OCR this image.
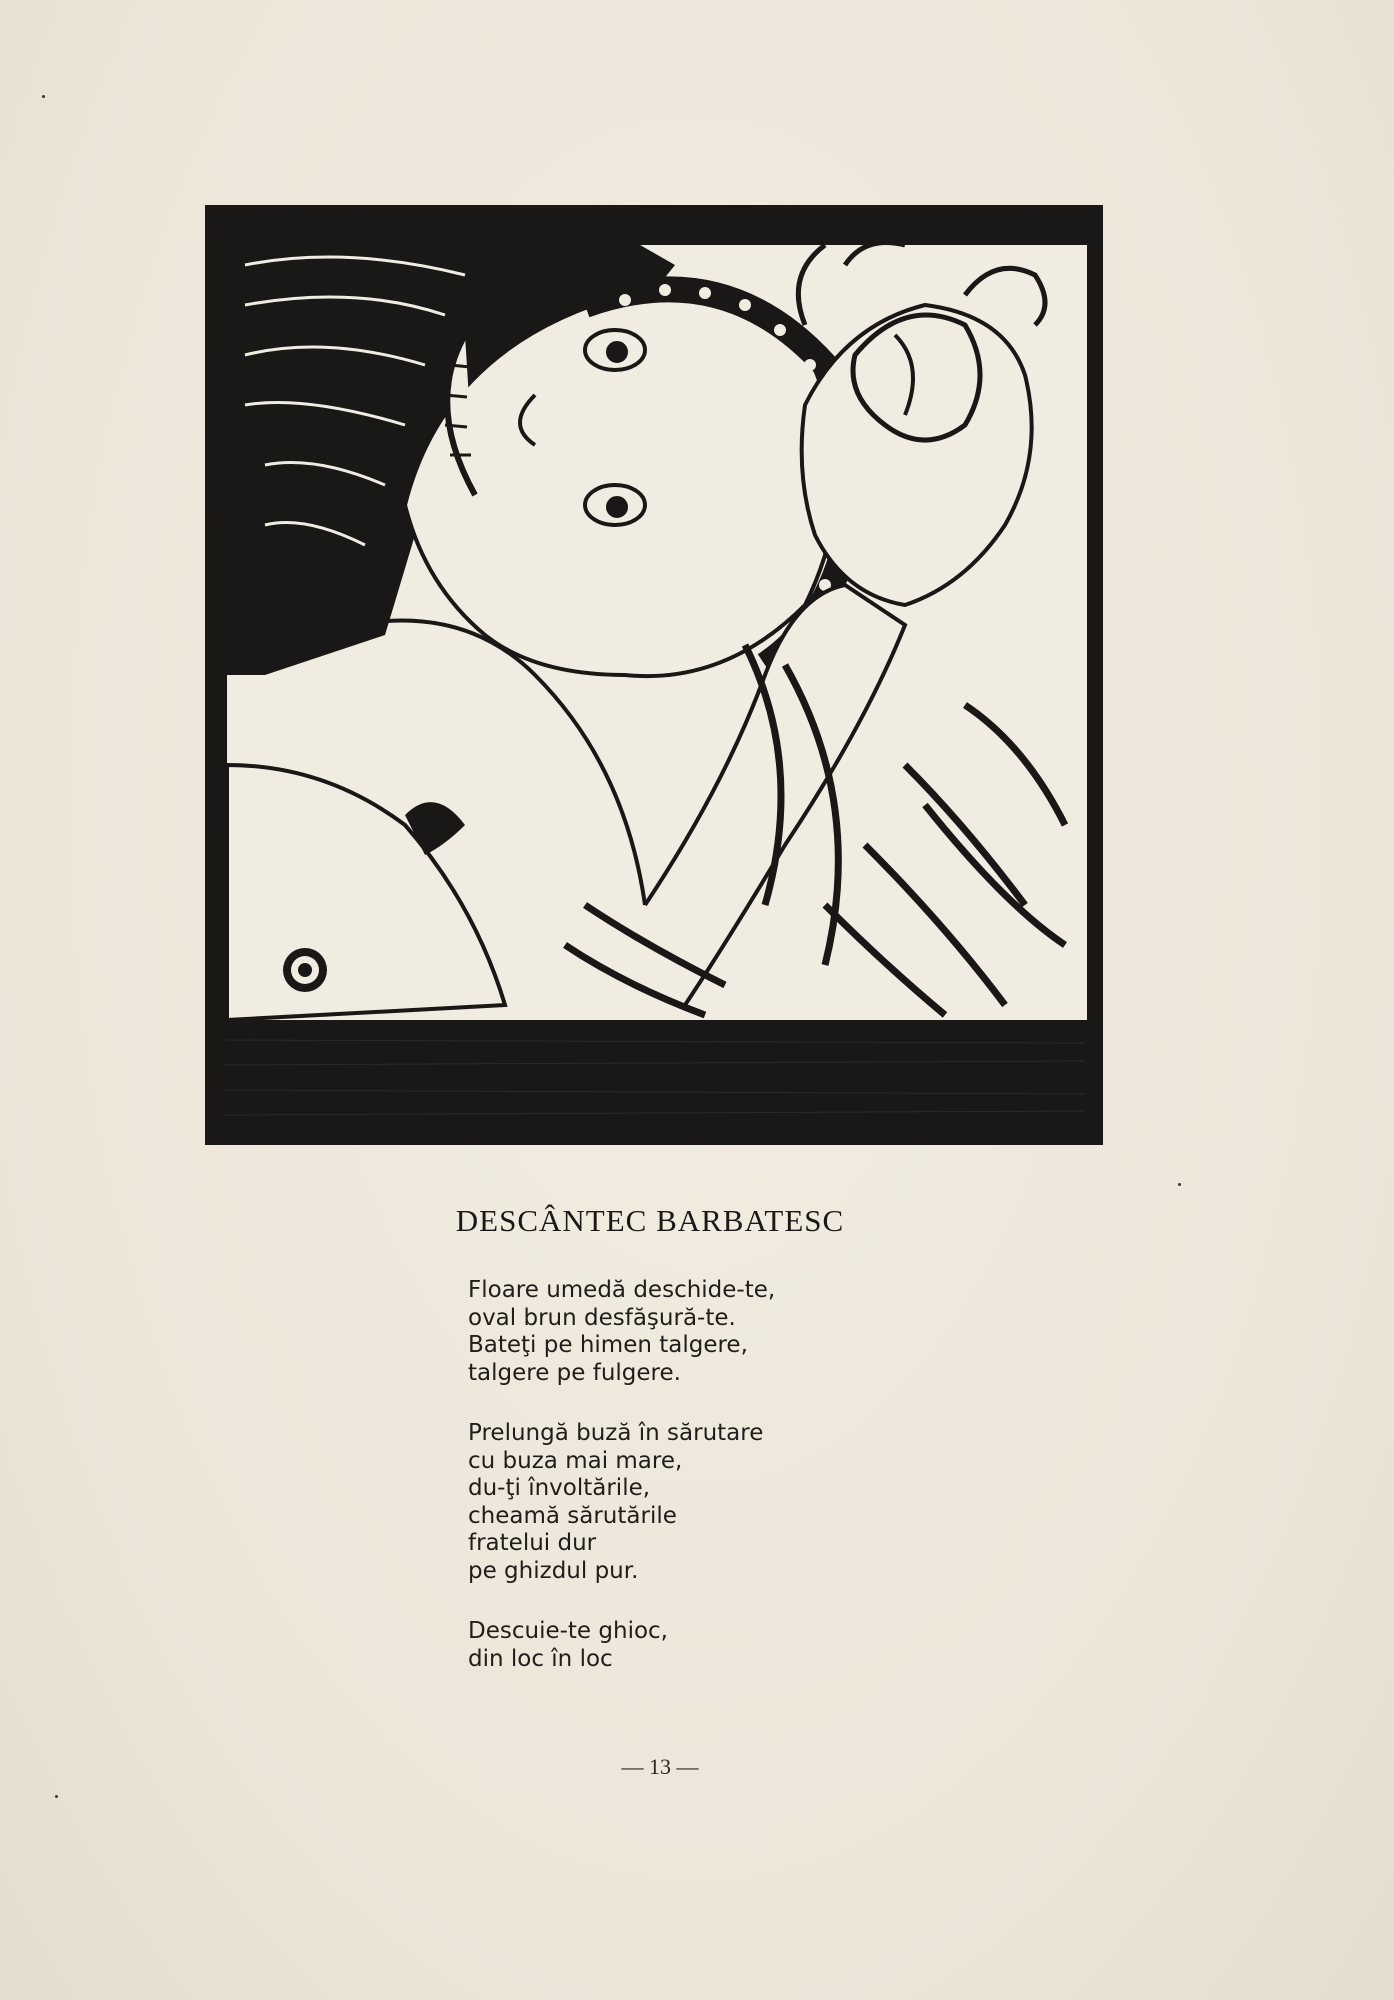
DESCÂNTEC BARBATESC
Floare umedă deschide-te,
oval brun desfăşură-te.
Bateţi pe himen talgere,
talgere pe fulgere.
Prelungă buză în sărutare
cu buza mai mare,
du-ţi învoltările,
cheamă sărutările
fratelui dur
pe ghizdul pur.
Descuie-te ghioc,
din loc în loc
— 13 —
